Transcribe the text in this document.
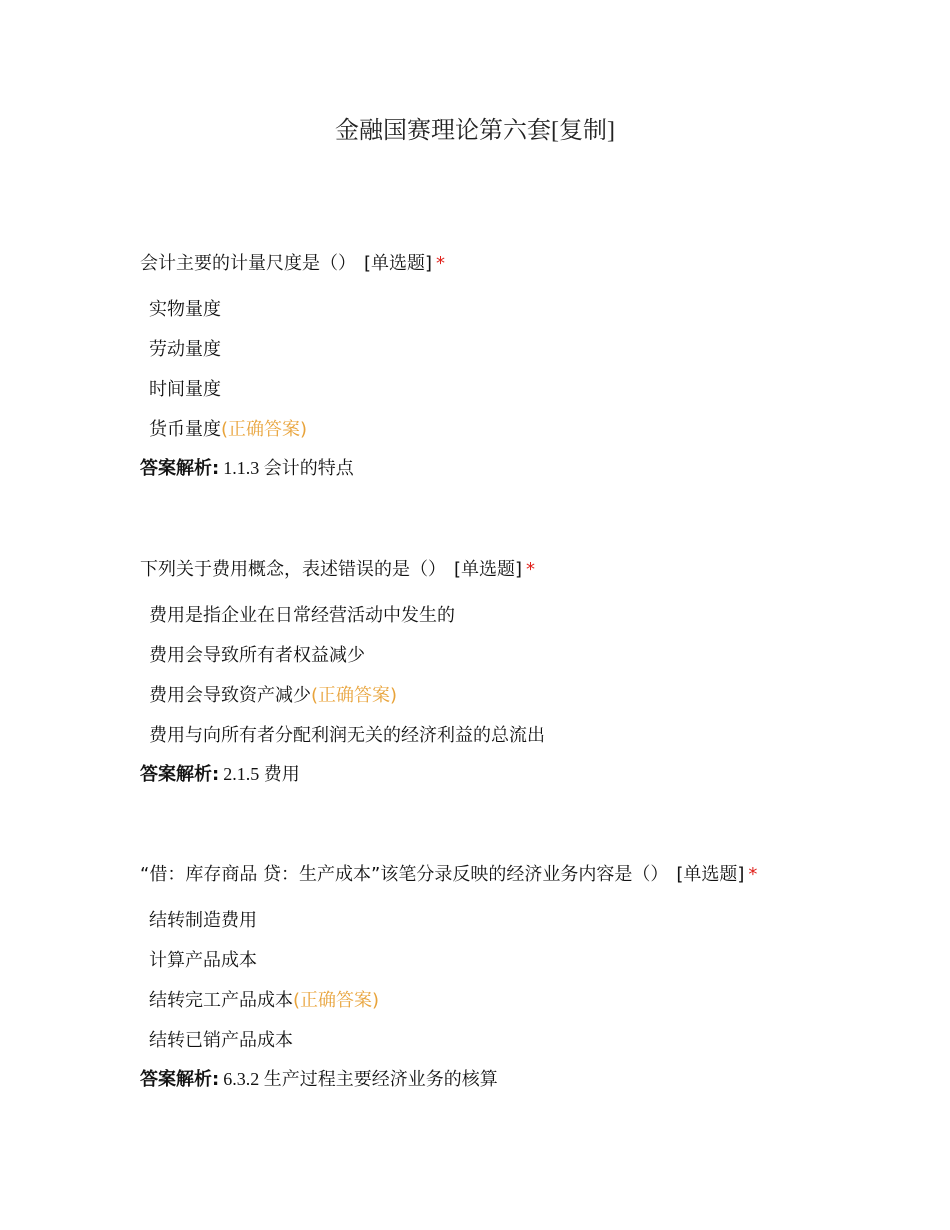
金融国赛理论第六套[复制]
会计主要的计量尺度是（） [单选题] *
实物量度
劳动量度
时间量度
货币量度(正确答案)
答案解析: 1.1.3 会计的特点
下列关于费用概念，表述错误的是（） [单选题] *
费用是指企业在日常经营活动中发生的
费用会导致所有者权益减少
费用会导致资产减少(正确答案)
费用与向所有者分配利润无关的经济利益的总流出
答案解析: 2.1.5 费用
“借：库存商品 贷：生产成本”该笔分录反映的经济业务内容是（） [单选题] *
结转制造费用
计算产品成本
结转完工产品成本(正确答案)
结转已销产品成本
答案解析: 6.3.2 生产过程主要经济业务的核算
